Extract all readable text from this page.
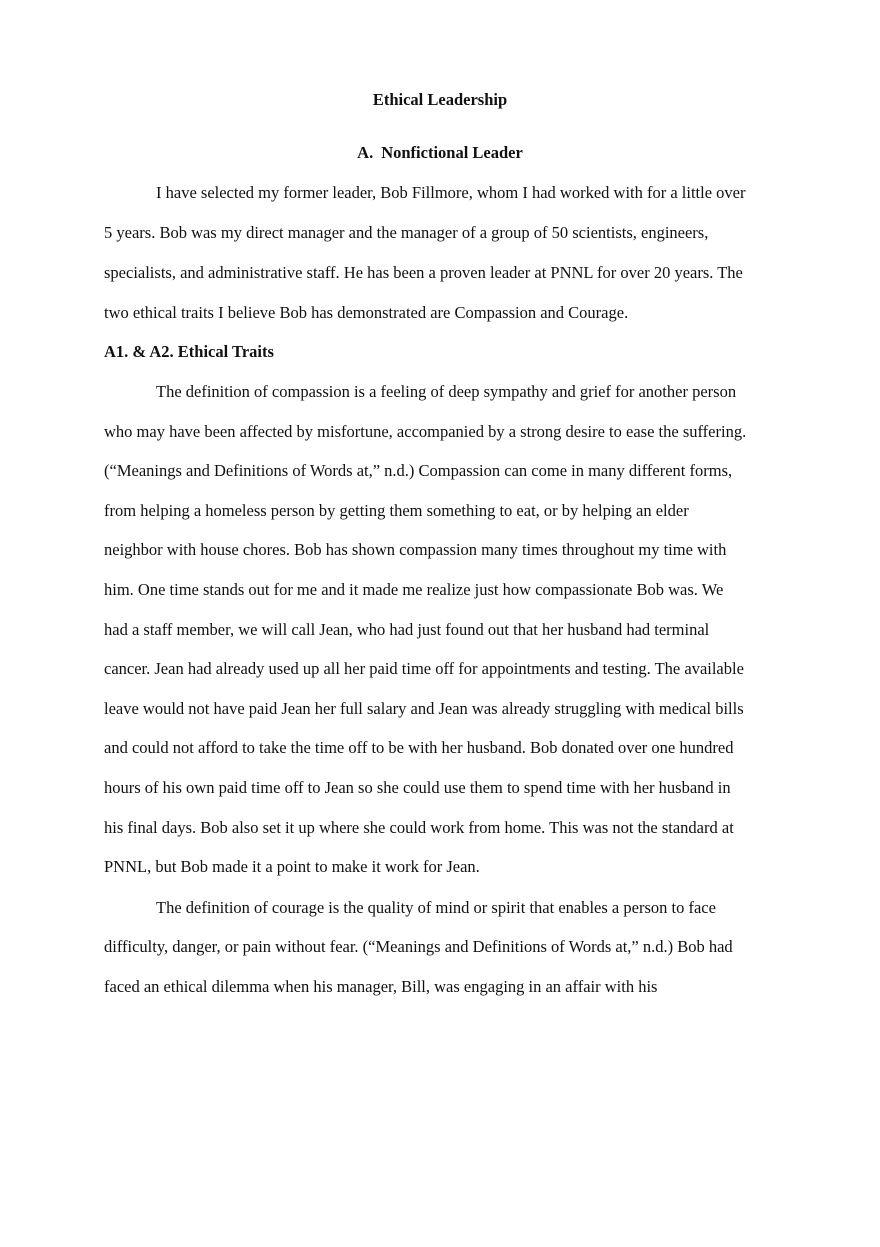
Ethical Leadership
A. Nonfictional Leader
I have selected my former leader, Bob Fillmore, whom I had worked with for a little over
5 years. Bob was my direct manager and the manager of a group of 50 scientists, engineers,
specialists, and administrative staff. He has been a proven leader at PNNL for over 20 years. The
two ethical traits I believe Bob has demonstrated are Compassion and Courage.
A1. & A2. Ethical Traits
The definition of compassion is a feeling of deep sympathy and grief for another person
who may have been affected by misfortune, accompanied by a strong desire to ease the suffering.
(“Meanings and Definitions of Words at,” n.d.) Compassion can come in many different forms,
from helping a homeless person by getting them something to eat, or by helping an elder
neighbor with house chores. Bob has shown compassion many times throughout my time with
him. One time stands out for me and it made me realize just how compassionate Bob was. We
had a staff member, we will call Jean, who had just found out that her husband had terminal
cancer. Jean had already used up all her paid time off for appointments and testing. The available
leave would not have paid Jean her full salary and Jean was already struggling with medical bills
and could not afford to take the time off to be with her husband. Bob donated over one hundred
hours of his own paid time off to Jean so she could use them to spend time with her husband in
his final days. Bob also set it up where she could work from home. This was not the standard at
PNNL, but Bob made it a point to make it work for Jean.
The definition of courage is the quality of mind or spirit that enables a person to face
difficulty, danger, or pain without fear. (“Meanings and Definitions of Words at,” n.d.) Bob had
faced an ethical dilemma when his manager, Bill, was engaging in an affair with his
